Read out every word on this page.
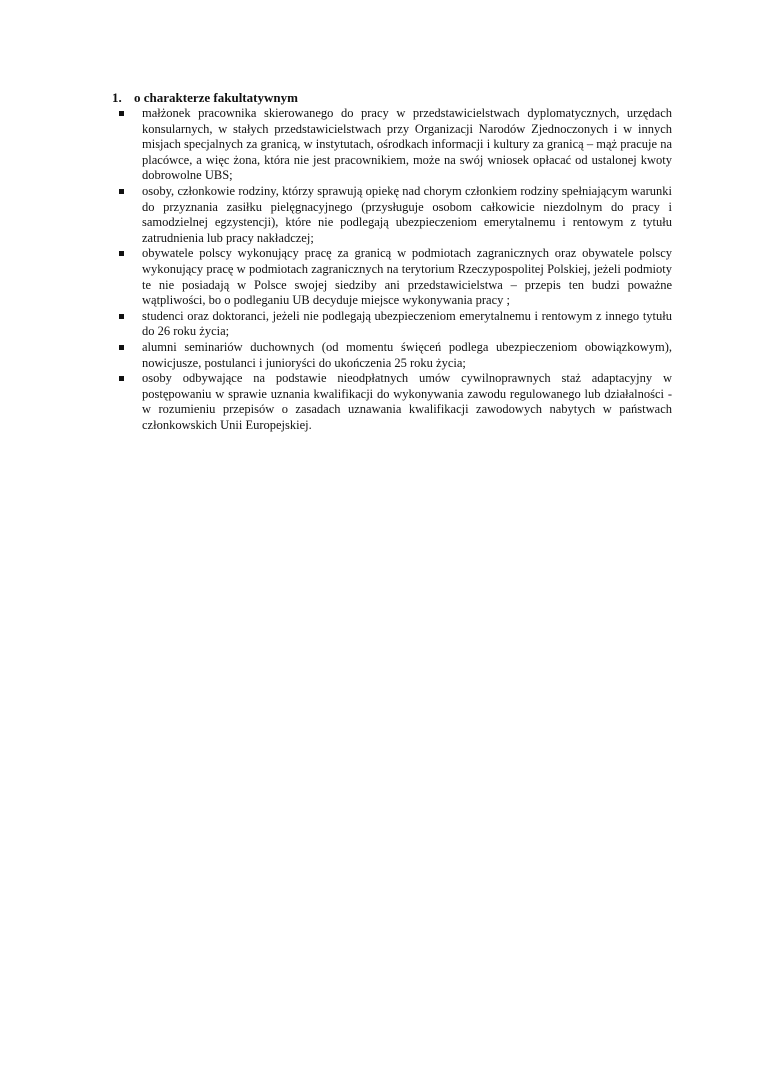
1. o charakterze fakultatywnym
małżonek pracownika skierowanego do pracy w przedstawicielstwach dyplomatycznych, urzędach konsularnych, w stałych przedstawicielstwach przy Organizacji Narodów Zjednoczonych i w innych misjach specjalnych za granicą, w instytutach, ośrodkach informacji i kultury za granicą – mąż pracuje na placówce, a więc żona, która nie jest pracownikiem, może na swój wniosek opłacać od ustalonej kwoty dobrowolne UBS;
osoby, członkowie rodziny, którzy sprawują opiekę nad chorym członkiem rodziny spełniającym warunki do przyznania zasiłku pielęgnacyjnego (przysługuje osobom całkowicie niezdolnym do pracy i samodzielnej egzystencji), które nie podlegają ubezpieczeniom emerytalnemu i rentowym z tytułu zatrudnienia lub pracy nakładczej;
obywatele polscy wykonujący pracę za granicą w podmiotach zagranicznych oraz obywatele polscy wykonujący pracę w podmiotach zagranicznych na terytorium Rzeczypospolitej Polskiej, jeżeli podmioty te nie posiadają w Polsce swojej siedziby ani przedstawicielstwa – przepis ten budzi poważne wątpliwości, bo o podleganiu UB decyduje miejsce wykonywania pracy ;
studenci oraz doktoranci, jeżeli nie podlegają ubezpieczeniom emerytalnemu i rentowym z innego tytułu do 26 roku życia;
alumni seminariów duchownych (od momentu święceń podlega ubezpieczeniom obowiązkowym), nowicjusze, postulanci i junioryści do ukończenia 25 roku życia;
osoby odbywające na podstawie nieodpłatnych umów cywilnoprawnych staż adaptacyjny w postępowaniu w sprawie uznania kwalifikacji do wykonywania zawodu regulowanego lub działalności - w rozumieniu przepisów o zasadach uznawania kwalifikacji zawodowych nabytych w państwach członkowskich Unii Europejskiej.
